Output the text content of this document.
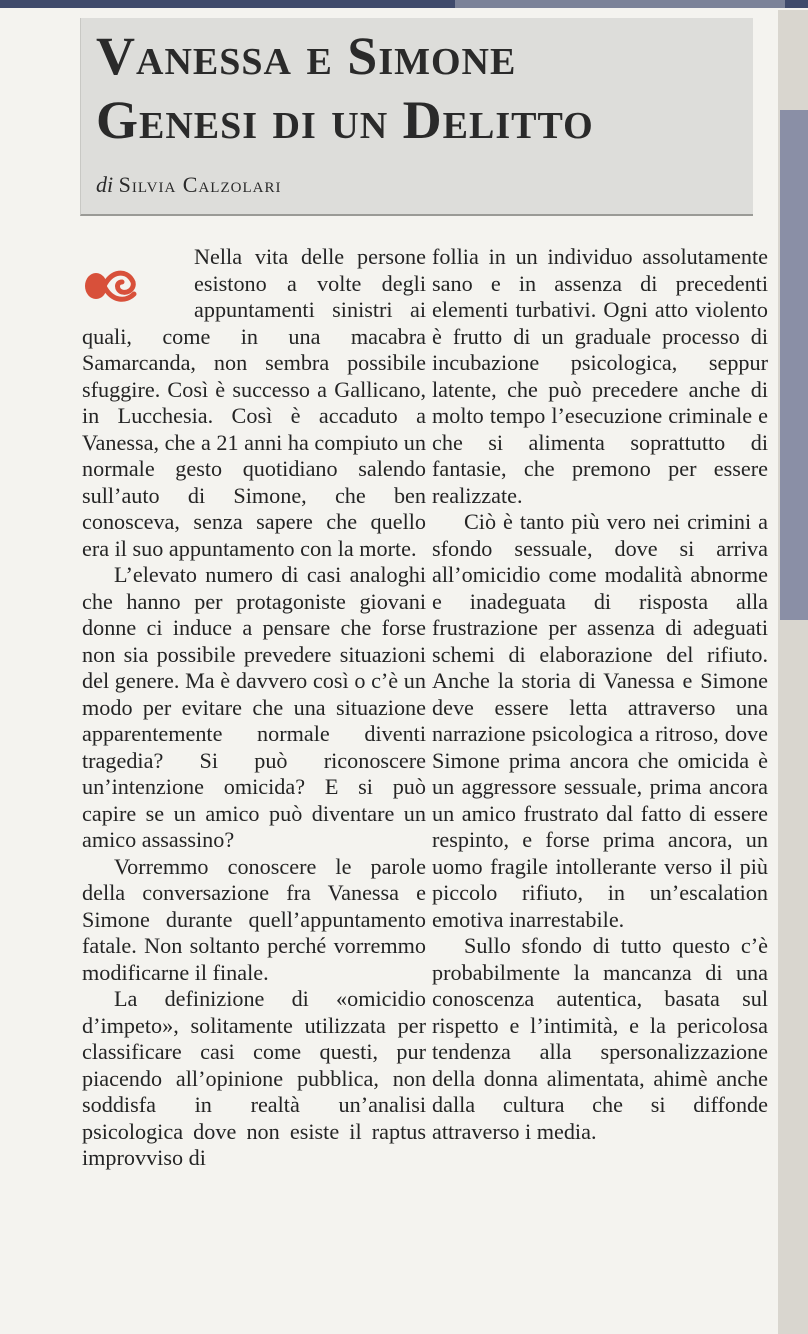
Vanessa e Simone
Genesi di un Delitto
di Silvia Calzolari

Nella vita delle persone esistono a volte degli appuntamenti sinistri ai quali, come in una macabra Samarcanda, non sembra possibile sfuggire. Così è successo a Gallicano, in Lucchesia. Così è accaduto a Vanessa, che a 21 anni ha compiuto un normale gesto quotidiano salendo sull’auto di Simone, che ben conosceva, senza sapere che quello era il suo appuntamento con la morte.

L’elevato numero di casi analoghi che hanno per protagoniste giovani donne ci induce a pensare che forse non sia possibile prevedere situazioni del genere. Ma è davvero così o c’è un modo per evitare che una situazione apparentemente normale diventi tragedia? Si può riconoscere un’intenzione omicida? E si può capire se un amico può diventare un amico assassino?

Vorremmo conoscere le parole della conversazione fra Vanessa e Simone durante quell’appuntamento fatale. Non soltanto perché vorremmo modificarne il finale.

La definizione di «omicidio d’impeto», solitamente utilizzata per classificare casi come questi, pur piacendo all’opinione pubblica, non soddisfa in realtà un’analisi psicologica dove non esiste il raptus improvviso di

follia in un individuo assolutamente sano e in assenza di precedenti elementi turbativi. Ogni atto violento è frutto di un graduale processo di incubazione psicologica, seppur latente, che può precedere anche di molto tempo l’esecuzione criminale e che si alimenta soprattutto di fantasie, che premono per essere realizzate.

Ciò è tanto più vero nei crimini a sfondo sessuale, dove si arriva all’omicidio come modalità abnorme e inadeguata di risposta alla frustrazione per assenza di adeguati schemi di elaborazione del rifiuto. Anche la storia di Vanessa e Simone deve essere letta attraverso una narrazione psicologica a ritroso, dove Simone prima ancora che omicida è un aggressore sessuale, prima ancora un amico frustrato dal fatto di essere respinto, e forse prima ancora, un uomo fragile intollerante verso il più piccolo rifiuto, in un’escalation emotiva inarrestabile.

Sullo sfondo di tutto questo c’è probabilmente la mancanza di una conoscenza autentica, basata sul rispetto e l’intimità, e la pericolosa tendenza alla spersonalizzazione della donna alimentata, ahimè anche dalla cultura che si diffonde attraverso i media.
